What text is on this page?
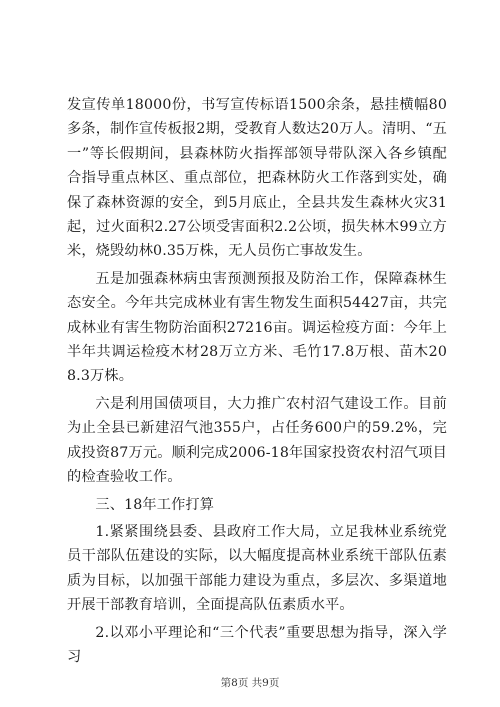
发宣传单18000份，书写宣传标语1500余条，悬挂横幅80多条，制作宣传板报2期，受教育人数达20万人。清明、“五一”等长假期间，县森林防火指挥部领导带队深入各乡镇配合指导重点林区、重点部位，把森林防火工作落到实处，确保了森林资源的安全，到5月底止，全县共发生森林火灾31起，过火面积2.27公顷受害面积2.2公顷，损失林木99立方米，烧毁幼林0.35万株，无人员伤亡事故发生。

五是加强森林病虫害预测预报及防治工作，保障森林生态安全。今年共完成林业有害生物发生面积54427亩，共完成林业有害生物防治面积27216亩。调运检疫方面：今年上半年共调运检疫木材28万立方米、毛竹17.8万根、苗木208.3万株。

六是利用国债项目，大力推广农村沼气建设工作。目前为止全县已新建沼气池355户，占任务600户的59.2%，完成投资87万元。顺利完成2006-18年国家投资农村沼气项目的检查验收工作。

三、18年工作打算

1.紧紧围绕县委、县政府工作大局，立足我林业系统党员干部队伍建设的实际，以大幅度提高林业系统干部队伍素质为目标，以加强干部能力建设为重点，多层次、多渠道地开展干部教育培训，全面提高队伍素质水平。

2.以邓小平理论和“三个代表”重要思想为指导，深入学习

第8页 共9页
